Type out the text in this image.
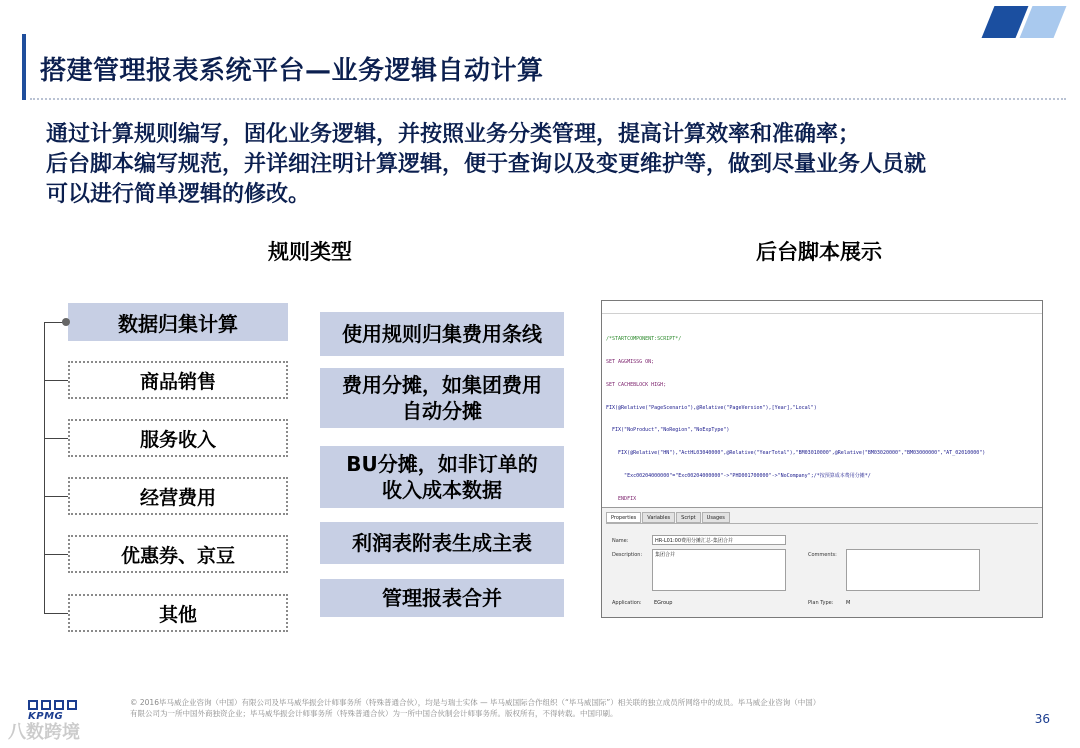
搭建管理报表系统平台—业务逻辑自动计算

通过计算规则编写，固化业务逻辑，并按照业务分类管理，提高计算效率和准确率；

后台脚本编写规范，并详细注明计算逻辑，便于查询以及变更维护等，做到尽量业务人员就

可以进行简单逻辑的修改。

规则类型	后台脚本展示
数据归集计算
商品销售
服务收入
经营费用
优惠券、京豆
其他
使用规则归集费用条线
费用分摊，如集团费用
自动分摊
BU分摊，如非订单的
收入成本数据
利润表附表生成主表
管理报表合并

/*STARTCOMPONENT:SCRIPT*/

SET AGGMISSG ON;

SET CACHEBLOCK HIGH;

FIX(@Relative("PageScenario"),@Relative("PageVersion"),[Year],"Local")

FIX("NoProduct","NoRegion","NoExpType")

FIX(@Relative("HN"),"ActHL03040000",@Relative("YearTotal"),"BM03010000",@Relative("BM03020000","BM03000000","AT_02010000")

"Exc00204000000"="Exc00204000000"->"PHD001700000"->"NoCompany";/*按预算成本费用分摊*/

ENDFIX

Properties	Variables	Script	Usages
Name:	HR-L01:00费用分摊汇总-集团合并
Description:	集团合并	Comments:
Application: EGroup	Plan Type:	M
KPMG

© 2016毕马威企业咨询（中国）有限公司及毕马威华振会计师事务所（特殊普通合伙），均是与瑞士实体 — 毕马威国际合作组织（“毕马威国际”）相关联的独立成员所网络中的成员。毕马威企业咨询（中国）

有限公司为一所中国外商独资企业；毕马威华振会计师事务所（特殊普通合伙）为一所中国合伙制会计师事务所。版权所有，不得转载。中国印刷。	36
八数跨境
